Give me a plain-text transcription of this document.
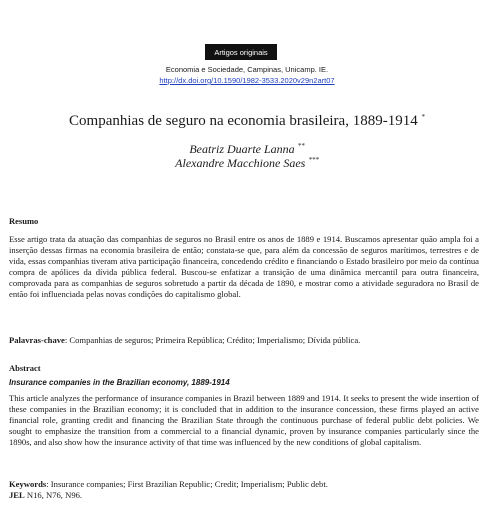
Artigos originais
Economia e Sociedade, Campinas, Unicamp. IE.
http://dx.doi.org/10.1590/1982-3533.2020v29n2art07
Companhias de seguro na economia brasileira, 1889-1914 *
Beatriz Duarte Lanna **
Alexandre Macchione Saes ***
Resumo
Esse artigo trata da atuação das companhias de seguros no Brasil entre os anos de 1889 e 1914. Buscamos apresentar quão ampla foi a inserção dessas firmas na economia brasileira de então; constata-se que, para além da concessão de seguros marítimos, terrestres e de vida, essas companhias tiveram ativa participação financeira, concedendo crédito e financiando o Estado brasileiro por meio da contínua compra de apólices da dívida pública federal. Buscou-se enfatizar a transição de uma dinâmica mercantil para outra financeira, comprovada para as companhias de seguros sobretudo a partir da década de 1890, e mostrar como a atividade seguradora no Brasil de então foi influenciada pelas novas condições do capitalismo global.
Palavras-chave: Companhias de seguros; Primeira República; Crédito; Imperialismo; Dívida pública.
Abstract
Insurance companies in the Brazilian economy, 1889-1914
This article analyzes the performance of insurance companies in Brazil between 1889 and 1914. It seeks to present the wide insertion of these companies in the Brazilian economy; it is concluded that in addition to the insurance concession, these firms played an active financial role, granting credit and financing the Brazilian State through the continuous purchase of federal public debt policies. We sought to emphasize the transition from a commercial to a financial dynamic, proven by insurance companies particularly since the 1890s, and also show how the insurance activity of that time was influenced by the new conditions of global capitalism.
Keywords: Insurance companies; First Brazilian Republic; Credit; Imperialism; Public debt.
JEL N16, N76, N96.
